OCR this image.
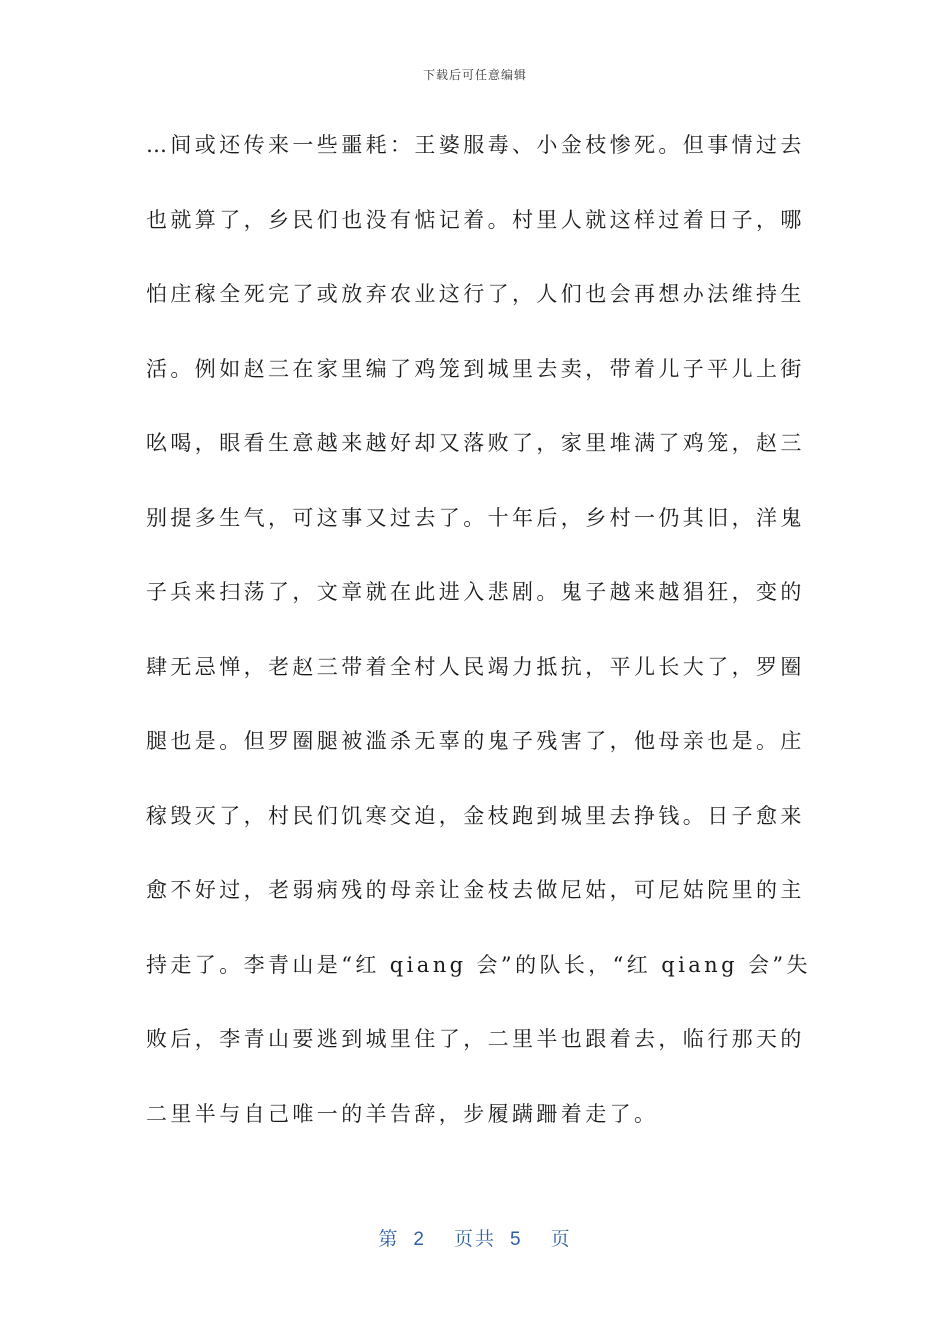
下载后可任意编辑
…间或还传来一些噩耗：王婆服毒、小金枝惨死。但事情过去
也就算了，乡民们也没有惦记着。村里人就这样过着日子，哪
怕庄稼全死完了或放弃农业这行了，人们也会再想办法维持生
活。例如赵三在家里编了鸡笼到城里去卖，带着儿子平儿上街
吆喝，眼看生意越来越好却又落败了，家里堆满了鸡笼，赵三
别提多生气，可这事又过去了。十年后，乡村一仍其旧，洋鬼
子兵来扫荡了，文章就在此进入悲剧。鬼子越来越猖狂，变的
肆无忌惮，老赵三带着全村人民竭力抵抗，平儿长大了，罗圈
腿也是。但罗圈腿被滥杀无辜的鬼子残害了，他母亲也是。庄
稼毁灭了，村民们饥寒交迫，金枝跑到城里去挣钱。日子愈来
愈不好过，老弱病残的母亲让金枝去做尼姑，可尼姑院里的主
持走了。李青山是“红 qiang 会”的队长，“红 qiang 会”失
败后，李青山要逃到城里住了，二里半也跟着去，临行那天的
二里半与自己唯一的羊告辞，步履蹒跚着走了。
第 2 页共 5 页
